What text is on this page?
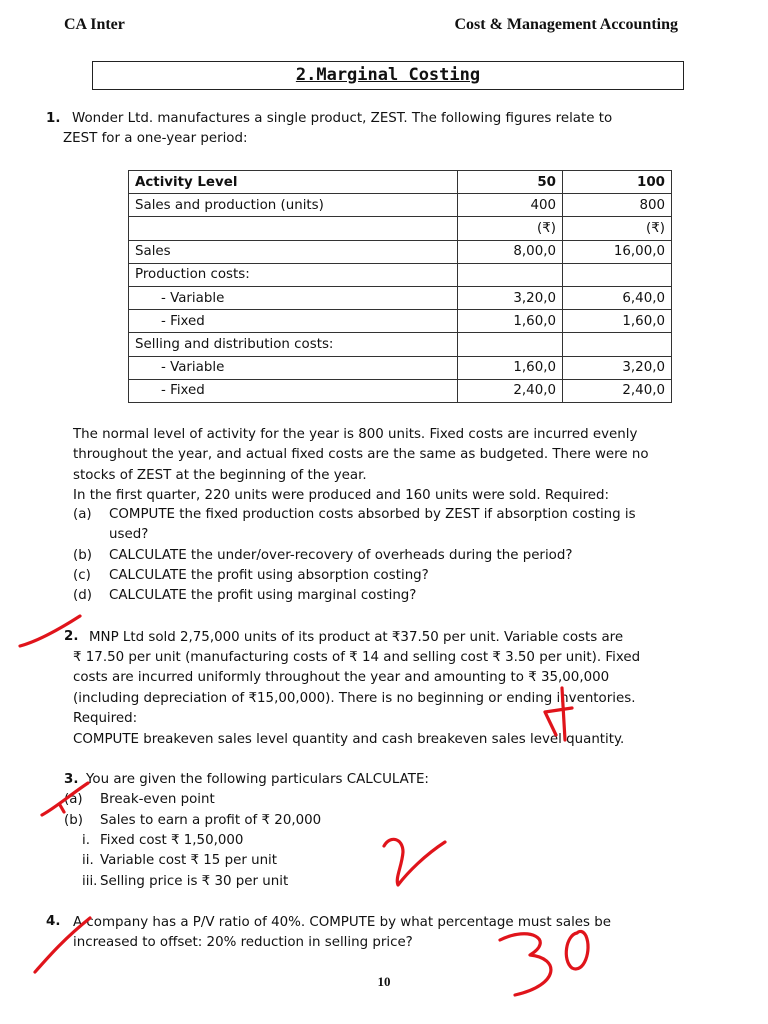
CA Inter	Cost & Management Accounting
2.Marginal Costing
1. Wonder Ltd. manufactures a single product, ZEST. The following figures relate to
ZEST for a one-year period:
Activity Level	50	100
Sales and production (units)	400	800
	(₹)	(₹)
Sales	8,00,0	16,00,0
Production costs:		
- Variable	3,20,0	6,40,0
- Fixed	1,60,0	1,60,0
Selling and distribution costs:		
- Variable	1,60,0	3,20,0
- Fixed	2,40,0	2,40,0
The normal level of activity for the year is 800 units. Fixed costs are incurred evenly
throughout the year, and actual fixed costs are the same as budgeted. There were no
stocks of ZEST at the beginning of the year.
In the first quarter, 220 units were produced and 160 units were sold. Required:
(a) COMPUTE the fixed production costs absorbed by ZEST if absorption costing is
used?
(b) CALCULATE the under/over-recovery of overheads during the period?
(c) CALCULATE the profit using absorption costing?
(d) CALCULATE the profit using marginal costing?
2. MNP Ltd sold 2,75,000 units of its product at ₹37.50 per unit. Variable costs are
₹ 17.50 per unit (manufacturing costs of ₹ 14 and selling cost ₹ 3.50 per unit). Fixed
costs are incurred uniformly throughout the year and amounting to ₹ 35,00,000
(including depreciation of ₹15,00,000). There is no beginning or ending inventories.
Required:
COMPUTE breakeven sales level quantity and cash breakeven sales level quantity.
3. You are given the following particulars CALCULATE:
(a) Break-even point
(b) Sales to earn a profit of ₹ 20,000
i. Fixed cost ₹ 1,50,000
ii. Variable cost ₹ 15 per unit
iii. Selling price is ₹ 30 per unit
4. A company has a P/V ratio of 40%. COMPUTE by what percentage must sales be
increased to offset: 20% reduction in selling price?
10
